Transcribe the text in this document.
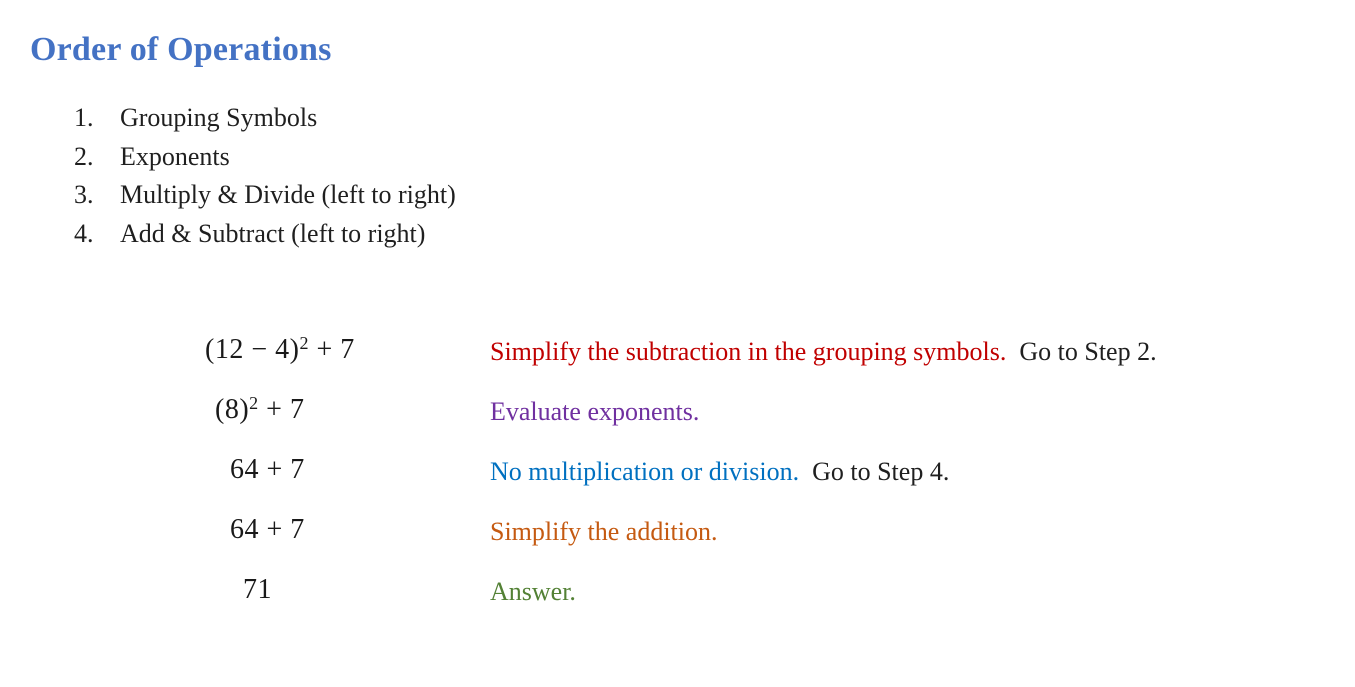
Order of Operations
1.	Grouping Symbols
2.	Exponents
3.	Multiply & Divide (left to right)
4.	Add & Subtract (left to right)
$(12 - 4)^2 + 7$	Simplify the subtraction in the grouping symbols. Go to Step 2.
$(8)^2 + 7$	Evaluate exponents.
64 + 7	No multiplication or division. Go to Step 4.
64 + 7	Simplify the addition.
71	Answer.
